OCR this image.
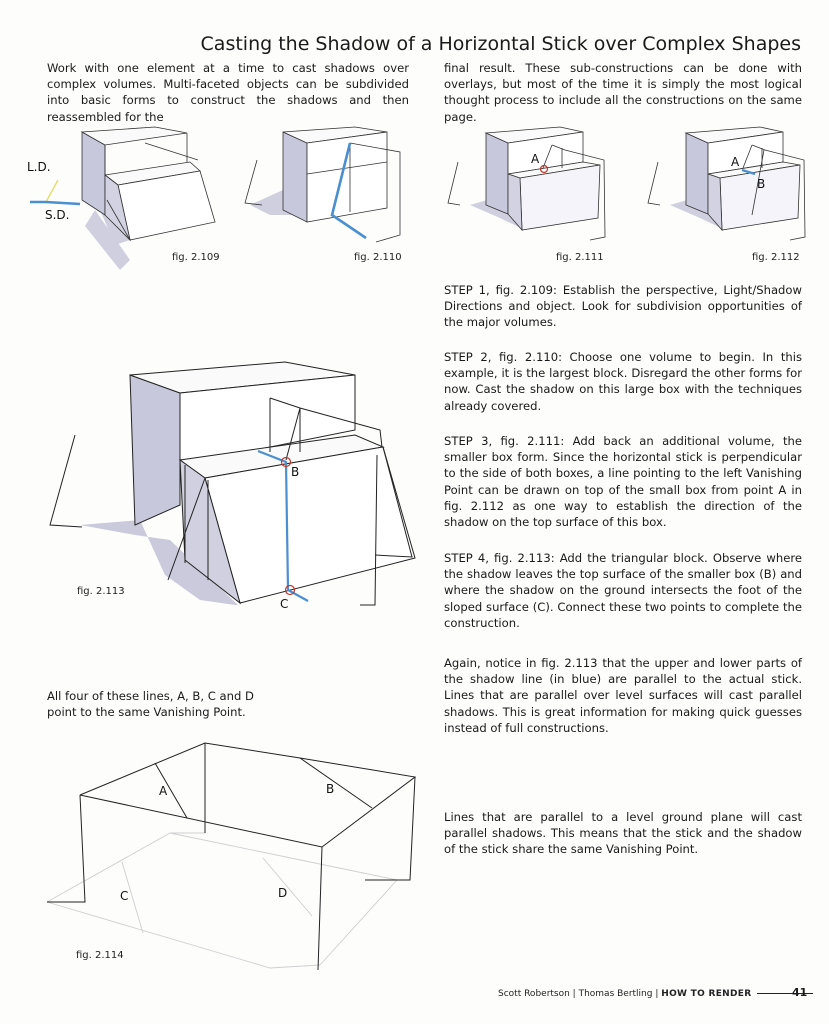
Casting the Shadow of a Horizontal Stick over Complex Shapes
Work with one element at a time to cast shadows over complex volumes. Multi-faceted objects can be subdivided into basic forms to construct the shadows and then reassembled for the
final result. These sub-constructions can be done with overlays, but most of the time it is simply the most logical thought process to include all the constructions on the same page.
L.D.
S.D.
A	A
B
B
C
A	B
C	D
fig. 2.109	fig. 2.110	fig. 2.111	fig. 2.112
fig. 2.113
fig. 2.114
STEP 1, fig. 2.109: Establish the perspective, Light/Shadow Directions and object. Look for subdivision opportunities of the major volumes.
STEP 2, fig. 2.110: Choose one volume to begin. In this example, it is the largest block. Disregard the other forms for now. Cast the shadow on this large box with the techniques already covered.
STEP 3, fig. 2.111: Add back an additional volume, the smaller box form. Since the horizontal stick is perpendicular to the side of both boxes, a line pointing to the left Vanishing Point can be drawn on top of the small box from point A in fig. 2.112 as one way to establish the direction of the shadow on the top surface of this box.
STEP 4, fig. 2.113: Add the triangular block. Observe where the shadow leaves the top surface of the smaller box (B) and where the shadow on the ground intersects the foot of the sloped surface (C). Connect these two points to complete the construction.
Again, notice in fig. 2.113 that the upper and lower parts of the shadow line (in blue) are parallel to the actual stick. Lines that are parallel over level surfaces will cast parallel shadows. This is great information for making quick guesses instead of full constructions.
All four of these lines, A, B, C and D point to the same Vanishing Point.
Lines that are parallel to a level ground plane will cast parallel shadows. This means that the stick and the shadow of the stick share the same Vanishing Point.
Scott Robertson | Thomas Bertling | HOW TO RENDER	41
